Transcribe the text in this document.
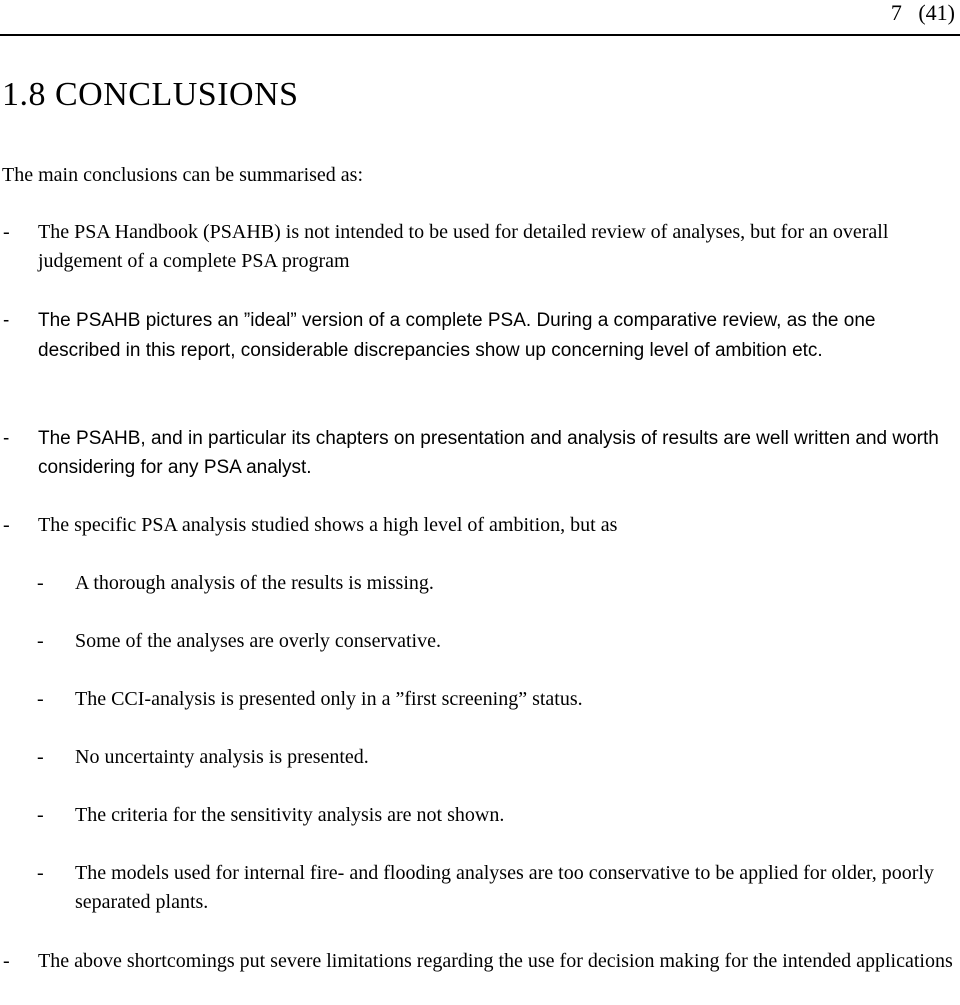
7 (41)
1.8 CONCLUSIONS
The main conclusions can be summarised as:
- The PSA Handbook (PSAHB) is not intended to be used for detailed review of analyses, but for an overall judgement of a complete PSA program
- The PSAHB pictures an ”ideal” version of a complete PSA. During a comparative review, as the one described in this report, considerable discrepancies show up concerning level of ambition etc.
- The PSAHB, and in particular its chapters on presentation and analysis of results are well written and worth considering for any PSA analyst.
- The specific PSA analysis studied shows a high level of ambition, but as
- A thorough analysis of the results is missing.
- Some of the analyses are overly conservative.
- The CCI-analysis is presented only in a ”first screening” status.
- No uncertainty analysis is presented.
- The criteria for the sensitivity analysis are not shown.
- The models used for internal fire- and flooding analyses are too conservative to be applied for older, poorly separated plants.
- The above shortcomings put severe limitations regarding the use for decision making for the intended applications
